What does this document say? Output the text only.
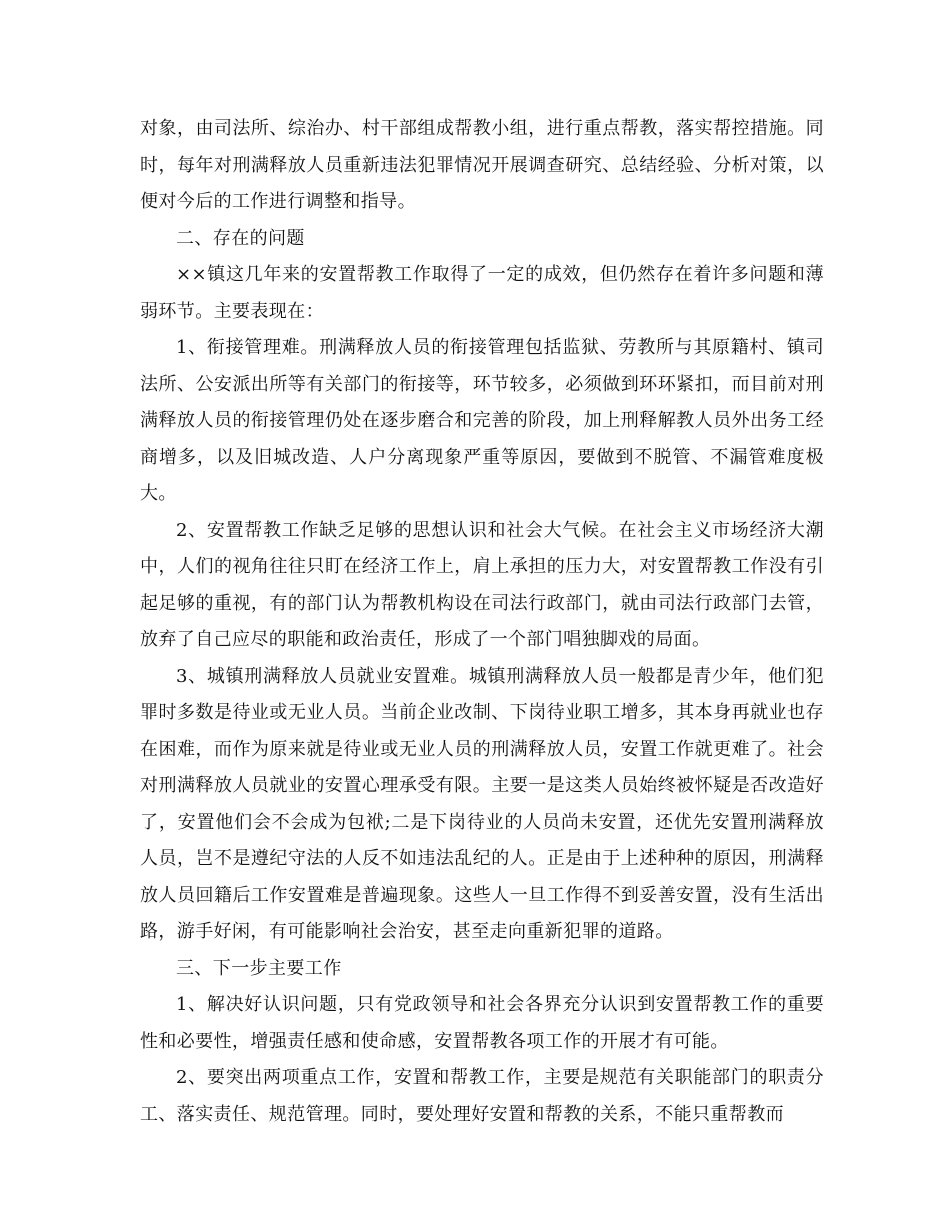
对象，由司法所、综治办、村干部组成帮教小组，进行重点帮教，落实帮控措施。同时，每年对刑满释放人员重新违法犯罪情况开展调查研究、总结经验、分析对策，以便对今后的工作进行调整和指导。

二、存在的问题

××镇这几年来的安置帮教工作取得了一定的成效，但仍然存在着许多问题和薄弱环节。主要表现在：

1、衔接管理难。刑满释放人员的衔接管理包括监狱、劳教所与其原籍村、镇司法所、公安派出所等有关部门的衔接等，环节较多，必须做到环环紧扣，而目前对刑满释放人员的衔接管理仍处在逐步磨合和完善的阶段，加上刑释解教人员外出务工经商增多，以及旧城改造、人户分离现象严重等原因，要做到不脱管、不漏管难度极大。

2、安置帮教工作缺乏足够的思想认识和社会大气候。在社会主义市场经济大潮中，人们的视角往往只盯在经济工作上，肩上承担的压力大，对安置帮教工作没有引起足够的重视，有的部门认为帮教机构设在司法行政部门，就由司法行政部门去管，放弃了自己应尽的职能和政治责任，形成了一个部门唱独脚戏的局面。

3、城镇刑满释放人员就业安置难。城镇刑满释放人员一般都是青少年，他们犯罪时多数是待业或无业人员。当前企业改制、下岗待业职工增多，其本身再就业也存在困难，而作为原来就是待业或无业人员的刑满释放人员，安置工作就更难了。社会对刑满释放人员就业的安置心理承受有限。主要一是这类人员始终被怀疑是否改造好了，安置他们会不会成为包袱;二是下岗待业的人员尚未安置，还优先安置刑满释放人员，岂不是遵纪守法的人反不如违法乱纪的人。正是由于上述种种的原因，刑满释放人员回籍后工作安置难是普遍现象。这些人一旦工作得不到妥善安置，没有生活出路，游手好闲，有可能影响社会治安，甚至走向重新犯罪的道路。

三、下一步主要工作

1、解决好认识问题，只有党政领导和社会各界充分认识到安置帮教工作的重要性和必要性，增强责任感和使命感，安置帮教各项工作的开展才有可能。

2、要突出两项重点工作，安置和帮教工作，主要是规范有关职能部门的职责分工、落实责任、规范管理。同时，要处理好安置和帮教的关系，不能只重帮教而
